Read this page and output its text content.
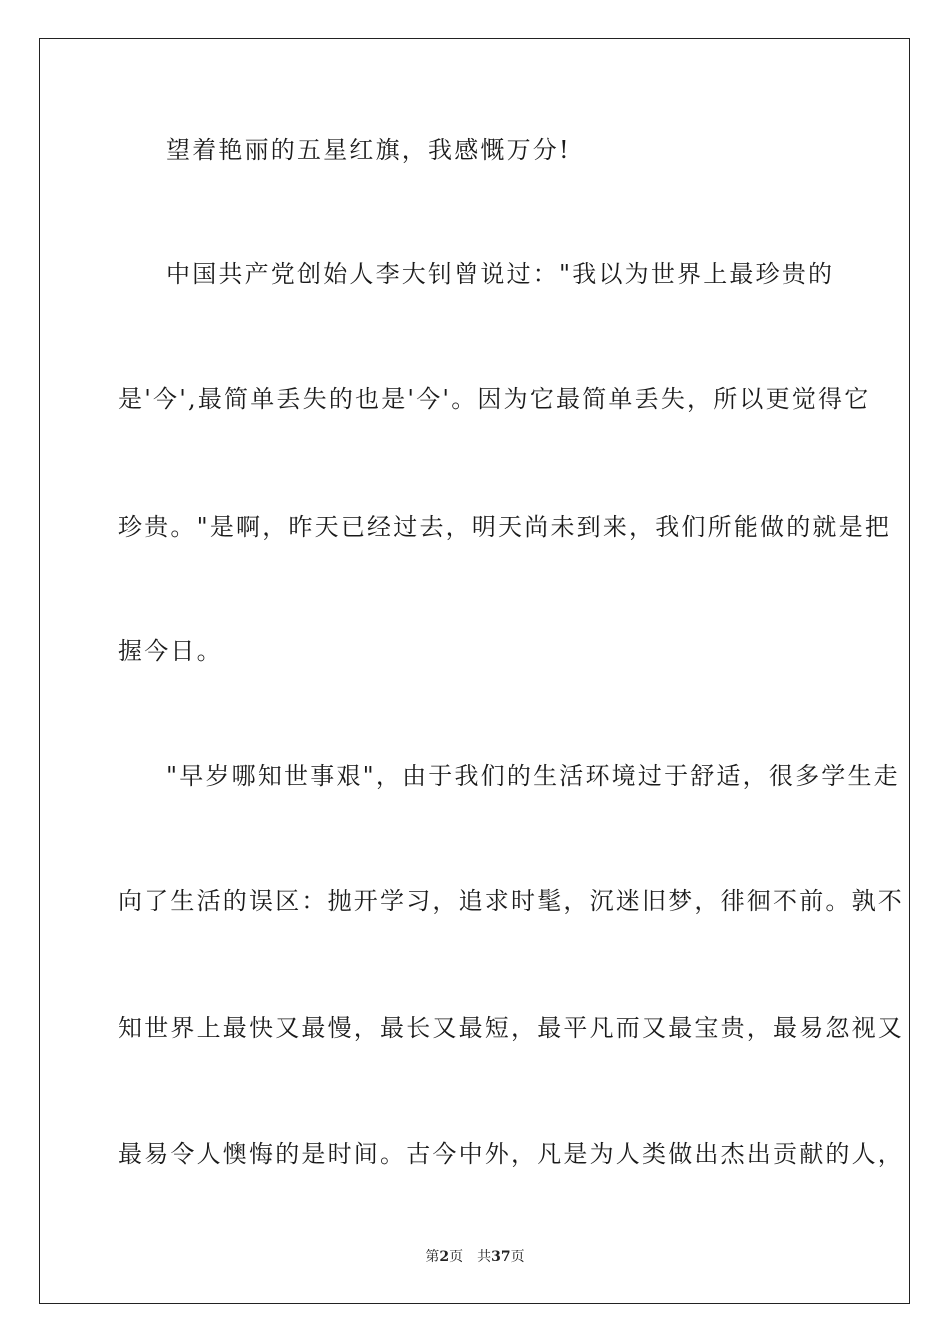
望着艳丽的五星红旗，我感慨万分!
中国共产党创始人李大钊曾说过："我以为世界上最珍贵的
是'今',最简单丢失的也是'今'。因为它最简单丢失，所以更觉得它
珍贵。"是啊，昨天已经过去，明天尚未到来，我们所能做的就是把
握今日。
"早岁哪知世事艰"，由于我们的生活环境过于舒适，很多学生走
向了生活的误区：抛开学习，追求时髦，沉迷旧梦，徘徊不前。孰不
知世界上最快又最慢，最长又最短，最平凡而又最宝贵，最易忽视又
最易令人懊悔的是时间。古今中外，凡是为人类做出杰出贡献的人，
第2页 共37页
